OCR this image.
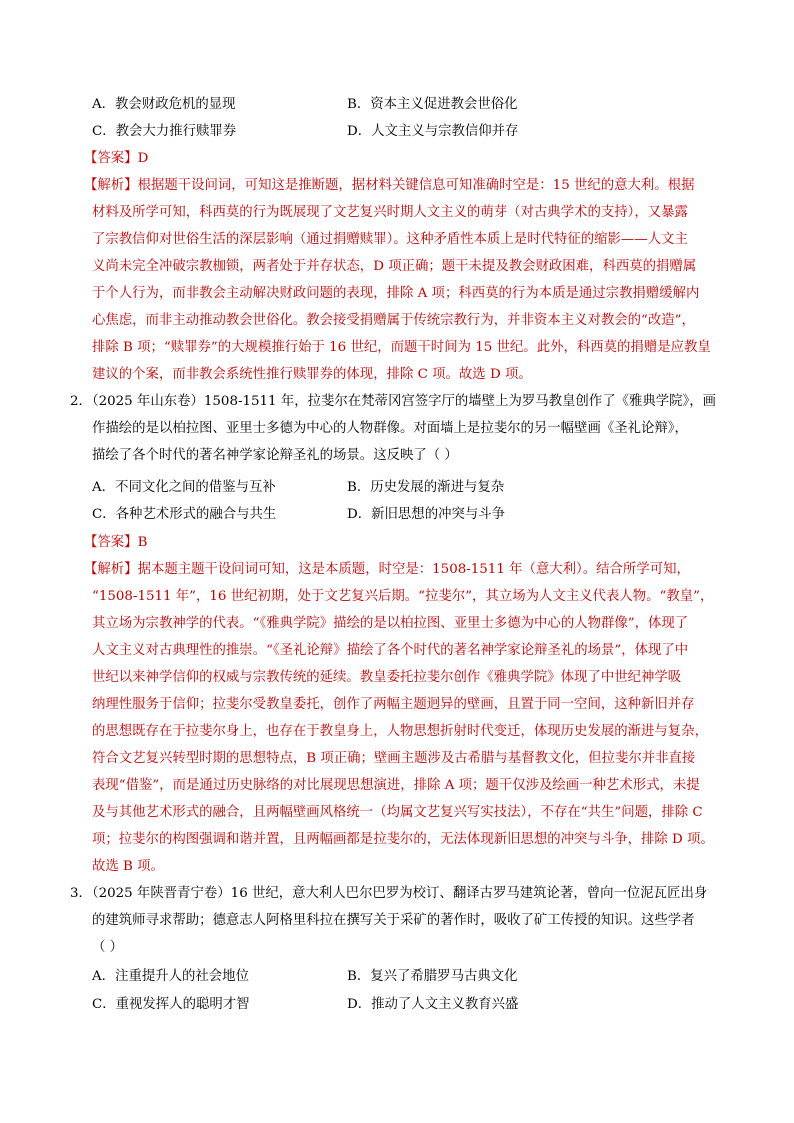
A．教会财政危机的显现	B．资本主义促进教会世俗化
C．教会大力推行赎罪券	D．人文主义与宗教信仰并存
【答案】D
【解析】根据题干设问词，可知这是推断题，据材料关键信息可知准确时空是：15 世纪的意大利。根据
材料及所学可知，科西莫的行为既展现了文艺复兴时期人文主义的萌芽（对古典学术的支持），又暴露
了宗教信仰对世俗生活的深层影响（通过捐赠赎罪）。这种矛盾性本质上是时代特征的缩影——人文主
义尚未完全冲破宗教枷锁，两者处于并存状态，D 项正确；题干未提及教会财政困难，科西莫的捐赠属
于个人行为，而非教会主动解决财政问题的表现，排除 A 项；科西莫的行为本质是通过宗教捐赠缓解内
心焦虑，而非主动推动教会世俗化。教会接受捐赠属于传统宗教行为，并非资本主义对教会的“改造”，
排除 B 项；“赎罪券”的大规模推行始于 16 世纪，而题干时间为 15 世纪。此外，科西莫的捐赠是应教皇
建议的个案，而非教会系统性推行赎罪券的体现，排除 C 项。故选 D 项。
2．（2025 年山东卷）1508-1511 年，拉斐尔在梵蒂冈宫签字厅的墙壁上为罗马教皇创作了《雅典学院》，画
作描绘的是以柏拉图、亚里士多德为中心的人物群像。对面墙上是拉斐尔的另一幅壁画《圣礼论辩》，
描绘了各个时代的著名神学家论辩圣礼的场景。这反映了（ ）
A．不同文化之间的借鉴与互补	B．历史发展的渐进与复杂
C．各种艺术形式的融合与共生	D．新旧思想的冲突与斗争
【答案】B
【解析】据本题主题干设问词可知，这是本质题，时空是：1508-1511 年（意大利）。结合所学可知，
“1508-1511 年”，16 世纪初期，处于文艺复兴后期。“拉斐尔”，其立场为人文主义代表人物。“教皇”，
其立场为宗教神学的代表。“《雅典学院》描绘的是以柏拉图、亚里士多德为中心的人物群像”，体现了
人文主义对古典理性的推崇。“《圣礼论辩》描绘了各个时代的著名神学家论辩圣礼的场景”，体现了中
世纪以来神学信仰的权威与宗教传统的延续。教皇委托拉斐尔创作《雅典学院》体现了中世纪神学吸
纳理性服务于信仰；拉斐尔受教皇委托，创作了两幅主题迥异的壁画，且置于同一空间，这种新旧并存
的思想既存在于拉斐尔身上，也存在于教皇身上，人物思想折射时代变迁，体现历史发展的渐进与复杂，
符合文艺复兴转型时期的思想特点，B 项正确；壁画主题涉及古希腊与基督教文化，但拉斐尔并非直接
表现“借鉴”，而是通过历史脉络的对比展现思想演进，排除 A 项；题干仅涉及绘画一种艺术形式，未提
及与其他艺术形式的融合，且两幅壁画风格统一（均属文艺复兴写实技法），不存在“共生”问题，排除 C
项；拉斐尔的构图强调和谐并置，且两幅画都是拉斐尔的，无法体现新旧思想的冲突与斗争，排除 D 项。
故选 B 项。
3．（2025 年陕晋青宁卷）16 世纪，意大利人巴尔巴罗为校订、翻译古罗马建筑论著，曾向一位泥瓦匠出身
的建筑师寻求帮助；德意志人阿格里科拉在撰写关于采矿的著作时，吸收了矿工传授的知识。这些学者
（ ）
A．注重提升人的社会地位	B．复兴了希腊罗马古典文化
C．重视发挥人的聪明才智	D．推动了人文主义教育兴盛
